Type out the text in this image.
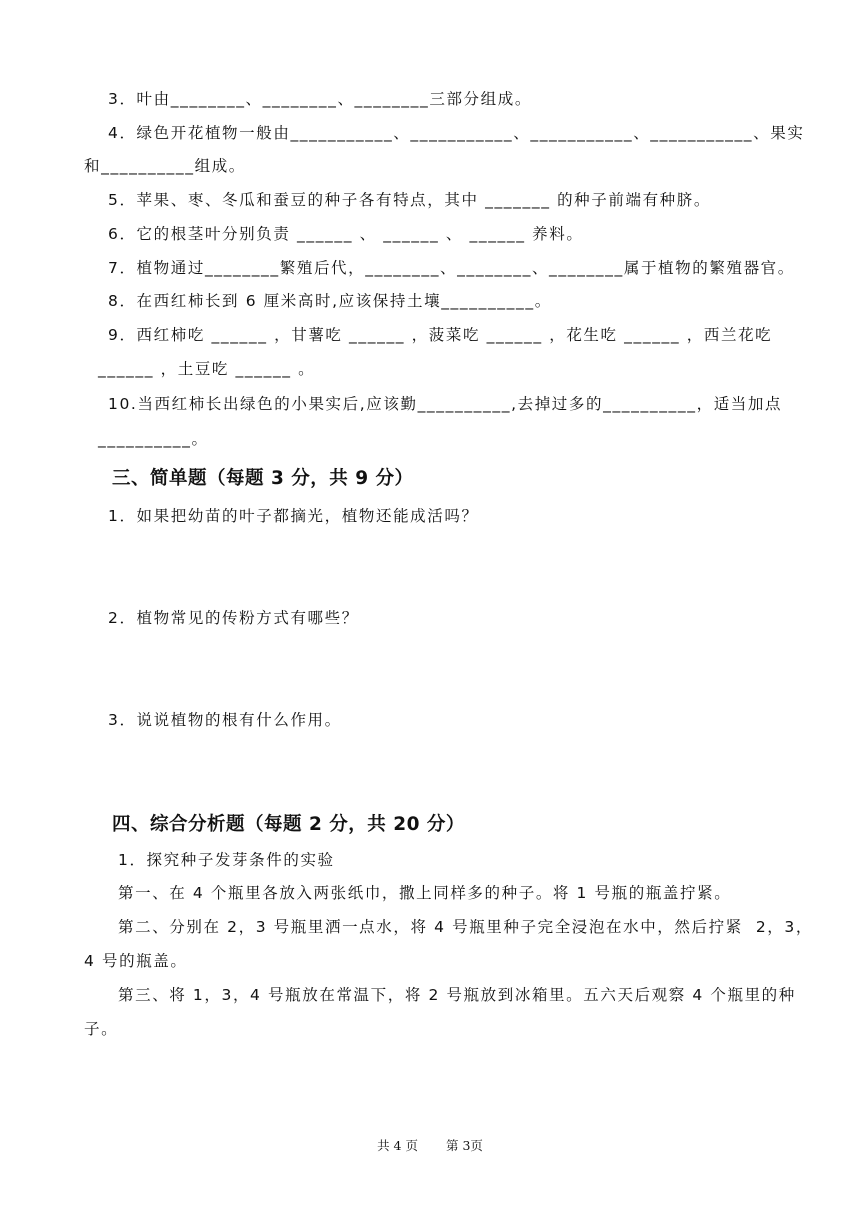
3．叶由________、________、________三部分组成。
4．绿色开花植物一般由___________、___________、___________、___________、果实
和__________组成。
5．苹果、枣、冬瓜和蚕豆的种子各有特点，其中 _______ 的种子前端有种脐。
6．它的根茎叶分别负责 ______ 、 ______ 、 ______ 养料。
7．植物通过________繁殖后代，________、________、________属于植物的繁殖器官。
8．在西红柿长到 6 厘米高时,应该保持土壤__________。
9．西红柿吃 ______ ，甘薯吃 ______ ，菠菜吃 ______ ，花生吃 ______ ，西兰花吃
______ ，土豆吃 ______ 。
10.当西红柿长出绿色的小果实后,应该勤__________,去掉过多的__________，适当加点
__________。
三、简单题（每题 3 分，共 9 分）
1．如果把幼苗的叶子都摘光，植物还能成活吗？
2．植物常见的传粉方式有哪些？
3．说说植物的根有什么作用。
四、综合分析题（每题 2 分，共 20 分）
1．探究种子发芽条件的实验
第一、在 4 个瓶里各放入两张纸巾，撒上同样多的种子。将 1 号瓶的瓶盖拧紧。
第二、分别在 2，3 号瓶里洒一点水，将 4 号瓶里种子完全浸泡在水中，然后拧紧  2，3，
4 号的瓶盖。
第三、将 1，3，4 号瓶放在常温下，将 2 号瓶放到冰箱里。五六天后观察 4 个瓶里的种
子。
共 4 页 第 3页
